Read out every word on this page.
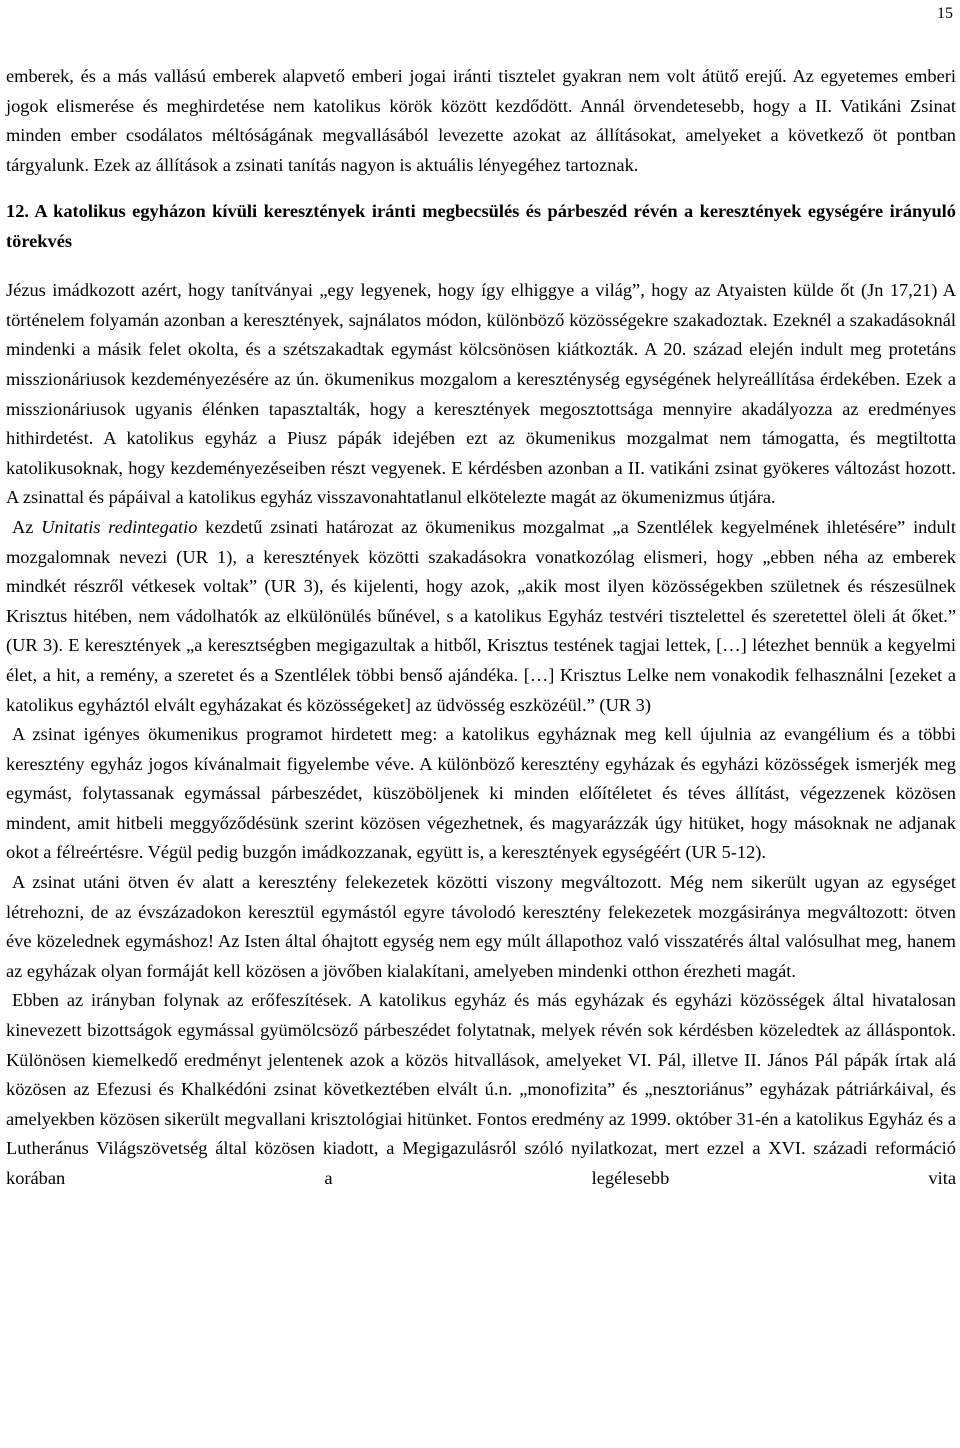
15

emberek, és a más vallású emberek alapvető emberi jogai iránti tisztelet gyakran nem volt átütő erejű. Az egyetemes emberi jogok elismerése és meghirdetése nem katolikus körök között kezdődött. Annál örvendetesebb, hogy a II. Vatikáni Zsinat minden ember csodálatos méltóságának megvallásából levezette azokat az állításokat, amelyeket a következő öt pontban tárgyalunk. Ezek az állítások a zsinati tanítás nagyon is aktuális lényegéhez tartoznak.

12. A katolikus egyházon kívüli keresztények iránti megbecsülés és párbeszéd révén a keresztények egységére irányuló törekvés

Jézus imádkozott azért, hogy tanítványai „egy legyenek, hogy így elhiggye a világ”, hogy az Atyaisten külde őt (Jn 17,21) A történelem folyamán azonban a keresztények, sajnálatos módon, különböző közösségekre szakadoztak. Ezeknél a szakadásoknál mindenki a másik felet okolta, és a szétszakadtak egymást kölcsönösen kiátkozták. A 20. század elején indult meg protetáns misszionáriusok kezdeményezésére az ún. ökumenikus mozgalom a kereszténység egységének helyreállítása érdekében. Ezek a misszionáriusok ugyanis élénken tapasztalták, hogy a keresztények megosztottsága mennyire akadályozza az eredményes hithirdetést. A katolikus egyház a Piusz pápák idejében ezt az ökumenikus mozgalmat nem támogatta, és megtiltotta katolikusoknak, hogy kezdeményezéseiben részt vegyenek. E kérdésben azonban a II. vatikáni zsinat gyökeres változást hozott. A zsinattal és pápáival a katolikus egyház visszavonahtatlanul elkötelezte magát az ökumenizmus útjára.

Az Unitatis redintegatio kezdetű zsinati határozat az ökumenikus mozgalmat „a Szentlélek kegyelmének ihletésére” indult mozgalomnak nevezi (UR 1), a keresztények közötti szakadásokra vonatkozólag elismeri, hogy „ebben néha az emberek mindkét részről vétkesek voltak” (UR 3), és kijelenti, hogy azok, „akik most ilyen közösségekben születnek és részesülnek Krisztus hitében, nem vádolhatók az elkülönülés bűnével, s a katolikus Egyház testvéri tisztelettel és szeretettel öleli át őket.” (UR 3). E keresztények „a keresztségben megigazultak a hitből, Krisztus testének tagjai lettek, […] létezhet bennük a kegyelmi élet, a hit, a remény, a szeretet és a Szentlélek többi benső ajándéka. […] Krisztus Lelke nem vonakodik felhasználni [ezeket a katolikus egyháztól elvált egyházakat és közösségeket] az üdvösség eszközéül.” (UR 3)

A zsinat igényes ökumenikus programot hirdetett meg: a katolikus egyháznak meg kell újulnia az evangélium és a többi keresztény egyház jogos kívánalmait figyelembe véve. A különböző keresztény egyházak és egyházi közösségek ismerjék meg egymást, folytassanak egymással párbeszédet, küszöböljenek ki minden előítéletet és téves állítást, végezzenek közösen mindent, amit hitbeli meggyőződésünk szerint közösen végezhetnek, és magyarázzák úgy hitüket, hogy másoknak ne adjanak okot a félreértésre. Végül pedig buzgón imádkozzanak, együtt is, a keresztények egységéért (UR 5-12).

A zsinat utáni ötven év alatt a keresztény felekezetek közötti viszony megváltozott. Még nem sikerült ugyan az egységet létrehozni, de az évszázadokon keresztül egymástól egyre távolodó keresztény felekezetek mozgásiránya megváltozott: ötven éve közelednek egymáshoz! Az Isten által óhajtott egység nem egy múlt állapothoz való visszatérés által valósulhat meg, hanem az egyházak olyan formáját kell közösen a jövőben kialakítani, amelyeben mindenki otthon érezheti magát.

Ebben az irányban folynak az erőfeszítések. A katolikus egyház és más egyházak és egyházi közösségek által hivatalosan kinevezett bizottságok egymással gyümölcsöző párbeszédet folytatnak, melyek révén sok kérdésben közeledtek az álláspontok. Különösen kiemelkedő eredményt jelentenek azok a közös hitvallások, amelyeket VI. Pál, illetve II. János Pál pápák írtak alá közösen az Efezusi és Khalkédóni zsinat következtében elvált ú.n. „monofizita” és „nesztoriánus” egyházak pátriárkáival, és amelyekben közösen sikerült megvallani krisztológiai hitünket. Fontos eredmény az 1999. október 31-én a katolikus Egyház és a Lutheránus Világszövetség által közösen kiadott, a Megigazulásról szóló nyilatkozat, mert ezzel a XVI. századi reformáció korában a legélesebb vita
